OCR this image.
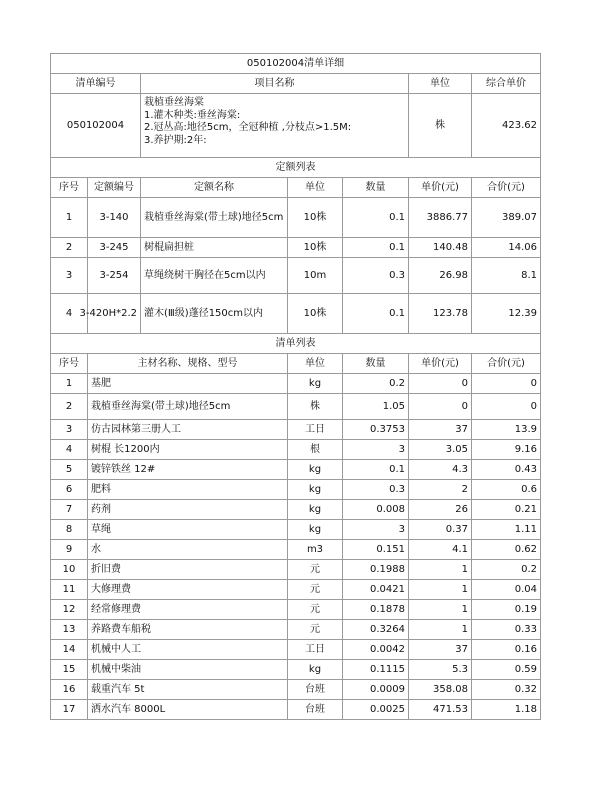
050102004清单详细						
清单编号		项目名称			单位	综合单价
050102004		栽植垂丝海棠
1.灌木种类:垂丝海棠:
2.冠丛高:地径5cm，全冠种植 ,分枝点>1.5M:
3.养护期:2年:			株	423.62
定额列表						
序号	定额编号	定额名称	单位	数量	单价(元)	合价(元)
1	3-140	栽植垂丝海棠(带土球)地径5cm	10株	0.1	3886.77	389.07
2	3-245	树棍扁担桩	10株	0.1	140.48	14.06
3	3-254	草绳绕树干胸径在5cm以内	10m	0.3	26.98	8.1
4	3-420H*2.2	灌木(Ⅲ级)蓬径150cm以内	10株	0.1	123.78	12.39
清单列表						
序号	主材名称、规格、型号		单位	数量	单价(元)	合价(元)
1	基肥		kg	0.2	0	0
2	栽植垂丝海棠(带土球)地径5cm		株	1.05	0	0
3	仿古园林第三册人工		工日	0.3753	37	13.9
4	树棍 长1200内		根	3	3.05	9.16
5	镀锌铁丝 12#		kg	0.1	4.3	0.43
6	肥料		kg	0.3	2	0.6
7	药剂		kg	0.008	26	0.21
8	草绳		kg	3	0.37	1.11
9	水		m3	0.151	4.1	0.62
10	折旧费		元	0.1988	1	0.2
11	大修理费		元	0.0421	1	0.04
12	经常修理费		元	0.1878	1	0.19
13	养路费车船税		元	0.3264	1	0.33
14	机械中人工		工日	0.0042	37	0.16
15	机械中柴油		kg	0.1115	5.3	0.59
16	载重汽车 5t		台班	0.0009	358.08	0.32
17	洒水汽车 8000L		台班	0.0025	471.53	1.18
